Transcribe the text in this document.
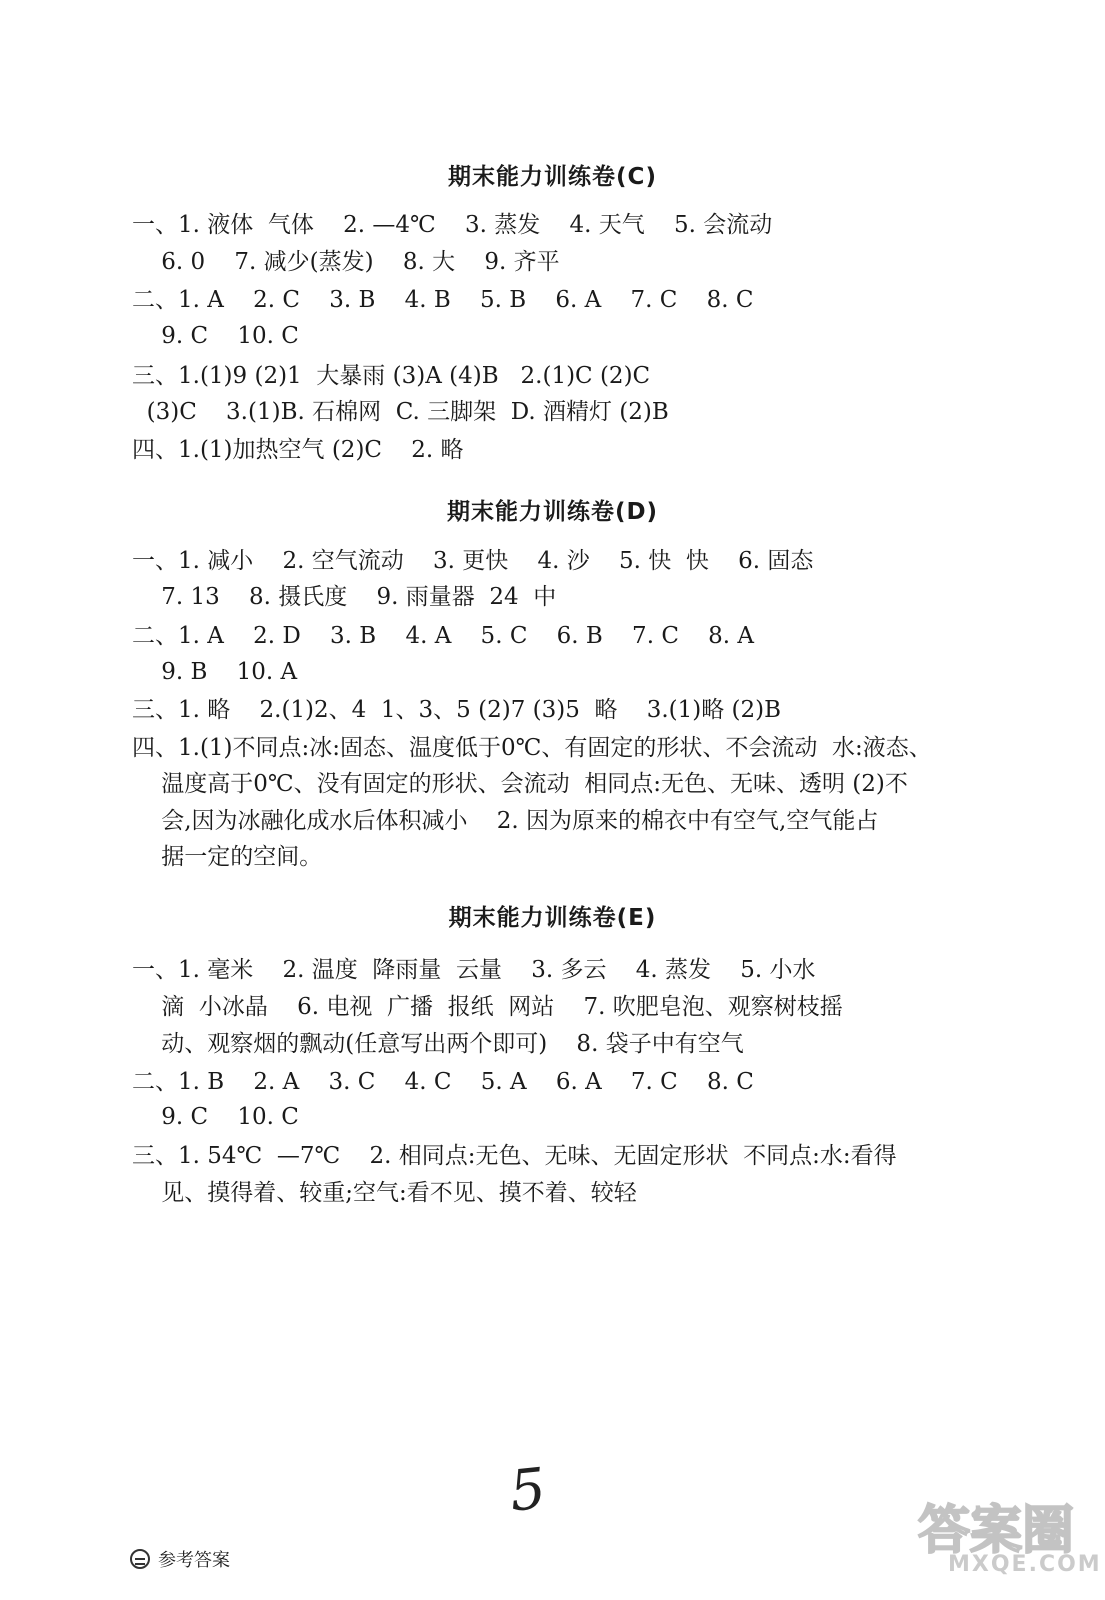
期末能力训练卷(C)
一、1. 液体  气体    2. —4℃    3. 蒸发    4. 天气    5. 会流动
6. 0    7. 减少(蒸发)    8. 大    9. 齐平
二、1. A    2. C    3. B    4. B    5. B    6. A    7. C    8. C
9. C    10. C
三、1.(1)9 (2)1  大暴雨 (3)A (4)B   2.(1)C (2)C
(3)C    3.(1)B. 石棉网  C. 三脚架  D. 酒精灯 (2)B
四、1.(1)加热空气 (2)C    2. 略
期末能力训练卷(D)
一、1. 减小    2. 空气流动    3. 更快    4. 沙    5. 快  快    6. 固态
7. 13    8. 摄氏度    9. 雨量器  24  中
二、1. A    2. D    3. B    4. A    5. C    6. B    7. C    8. A
9. B    10. A
三、1. 略    2.(1)2、4  1、3、5 (2)7 (3)5  略    3.(1)略 (2)B
四、1.(1)不同点:冰:固态、温度低于0℃、有固定的形状、不会流动  水:液态、
温度高于0℃、没有固定的形状、会流动  相同点:无色、无味、透明 (2)不
会,因为冰融化成水后体积减小    2. 因为原来的棉衣中有空气,空气能占
据一定的空间。
期末能力训练卷(E)
一、1. 毫米    2. 温度  降雨量  云量    3. 多云    4. 蒸发    5. 小水
滴  小冰晶    6. 电视  广播  报纸  网站    7. 吹肥皂泡、观察树枝摇
动、观察烟的飘动(任意写出两个即可)    8. 袋子中有空气
二、1. B    2. A    3. C    4. C    5. A    6. A    7. C    8. C
9. C    10. C
三、1. 54℃  —7℃    2. 相同点:无色、无味、无固定形状  不同点:水:看得
见、摸得着、较重;空气:看不见、摸不着、较轻
5
参考答案	答案圈
MXQE.COM
